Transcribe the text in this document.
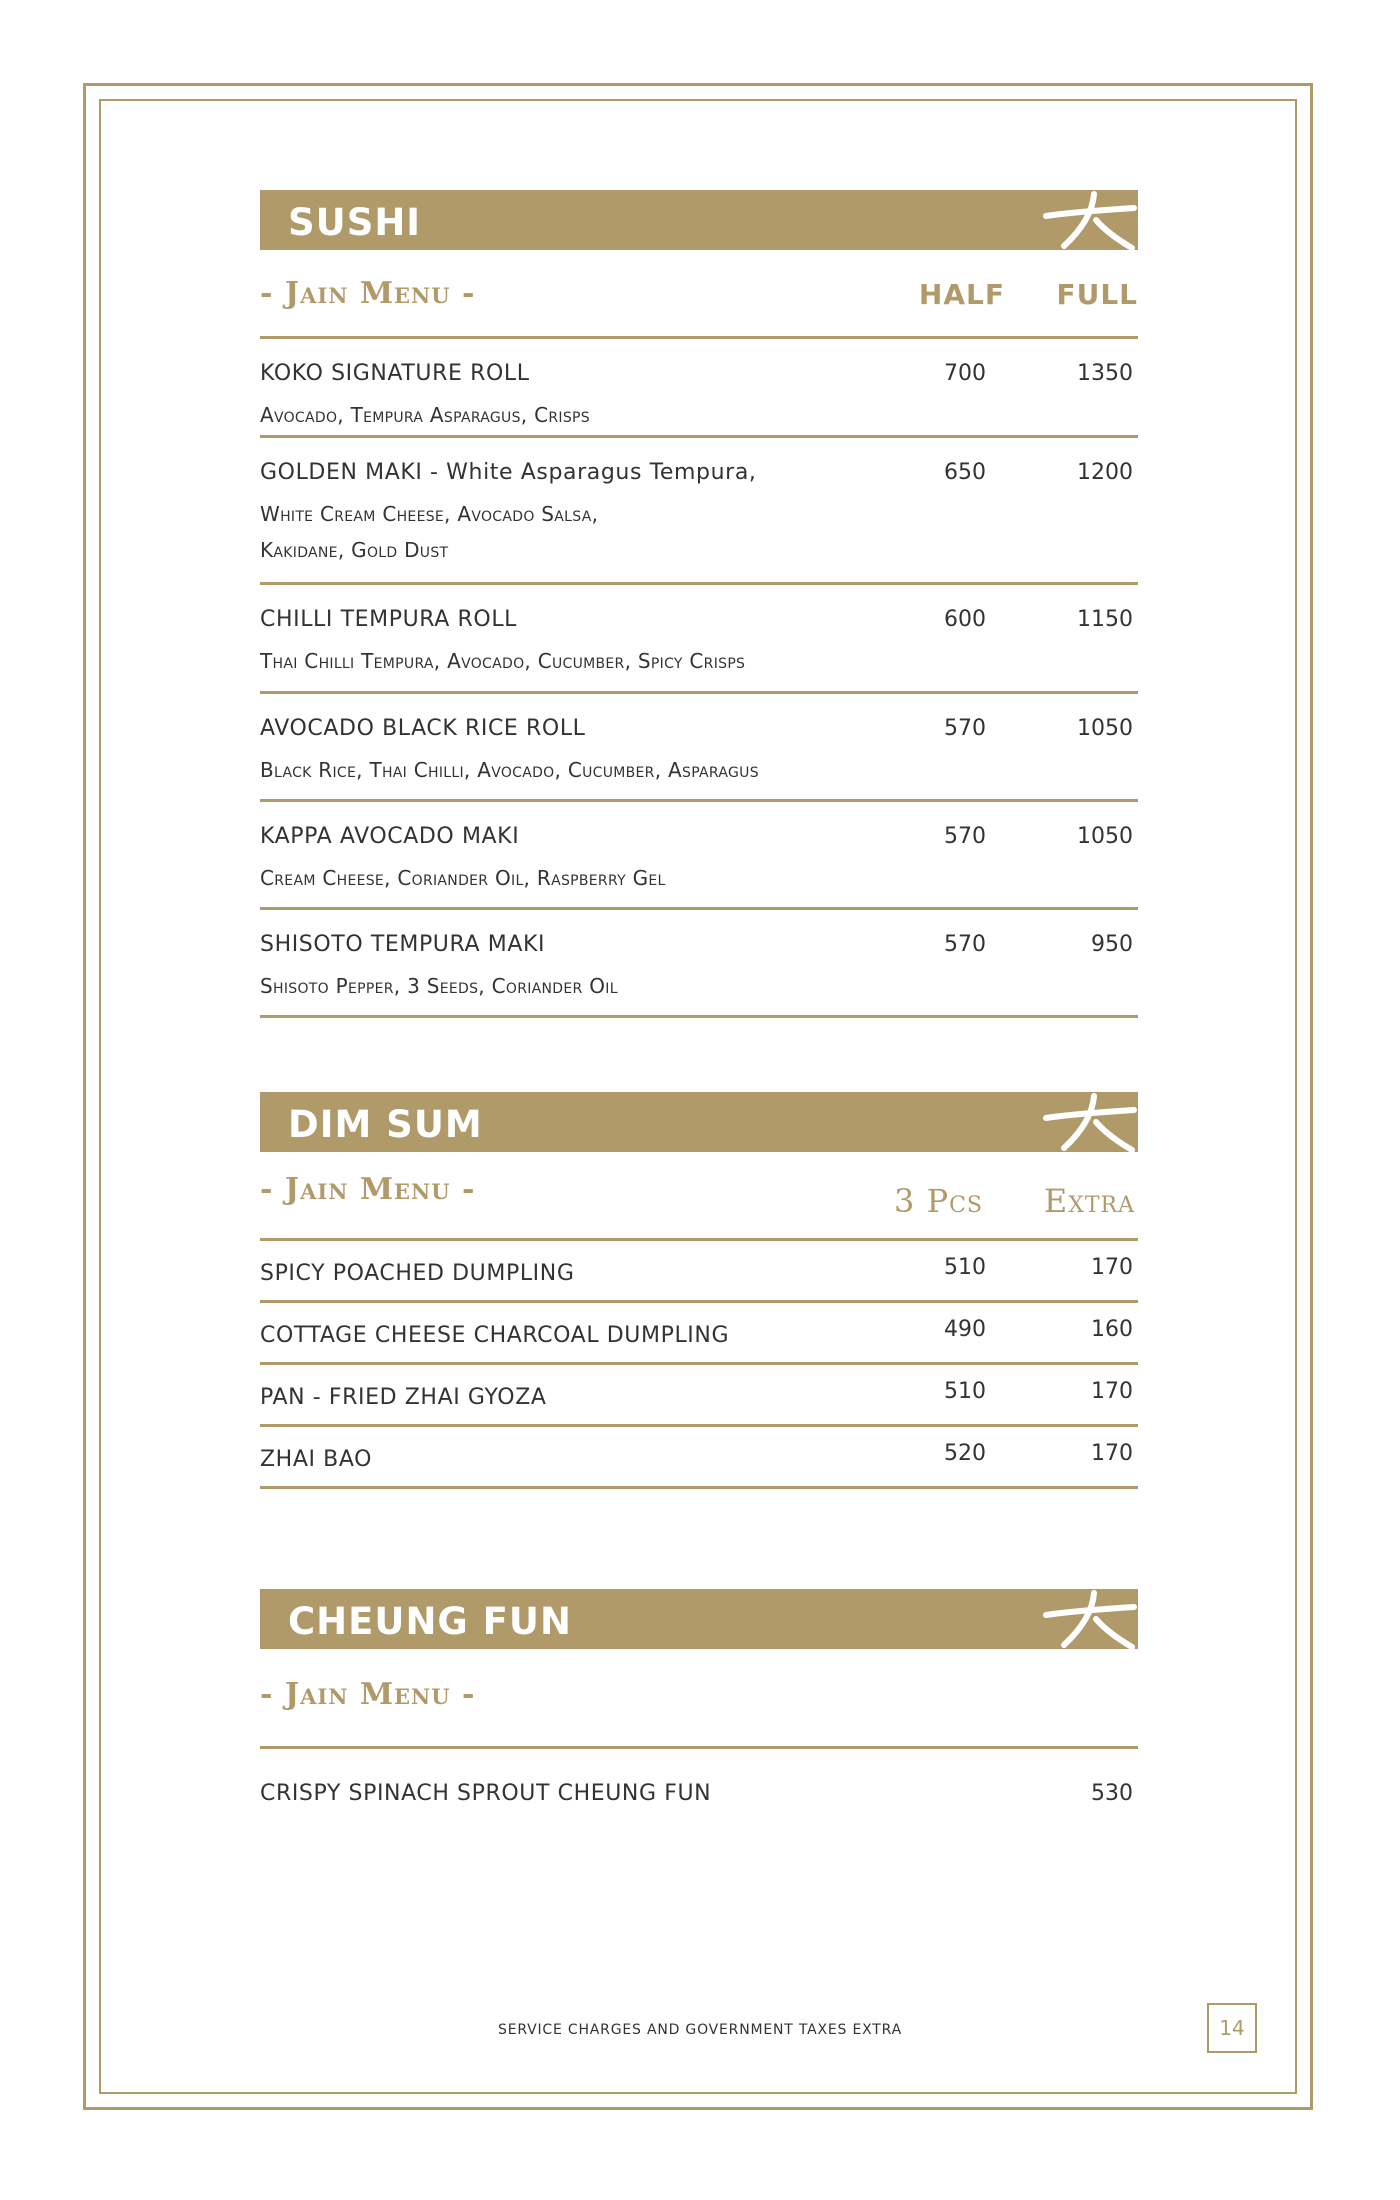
SUSHI
- Jain Menu -	HALF FULL
KOKO SIGNATURE ROLL
Avocado, Tempura Asparagus, Crisps
700	1350
GOLDEN MAKI - White Asparagus Tempura,
White Cream Cheese, Avocado Salsa,
Kakidane, Gold Dust
650	1200
CHILLI TEMPURA ROLL
Thai Chilli Tempura, Avocado, Cucumber, Spicy Crisps
600	1150
AVOCADO BLACK RICE ROLL
Black Rice, Thai Chilli, Avocado, Cucumber, Asparagus
570	1050
KAPPA AVOCADO MAKI
Cream Cheese, Coriander Oil, Raspberry Gel
570	1050
SHISOTO TEMPURA MAKI
Shisoto Pepper, 3 Seeds, Coriander Oil
570	950
DIM SUM
- Jain Menu -	3 Pcs Extra
SPICY POACHED DUMPLING	510	170
COTTAGE CHEESE CHARCOAL DUMPLING	490	160
PAN - FRIED ZHAI GYOZA	510	170
ZHAI BAO	520	170
CHEUNG FUN
- Jain Menu -
CRISPY SPINACH SPROUT CHEUNG FUN	530
SERVICE CHARGES AND GOVERNMENT TAXES EXTRA	14
